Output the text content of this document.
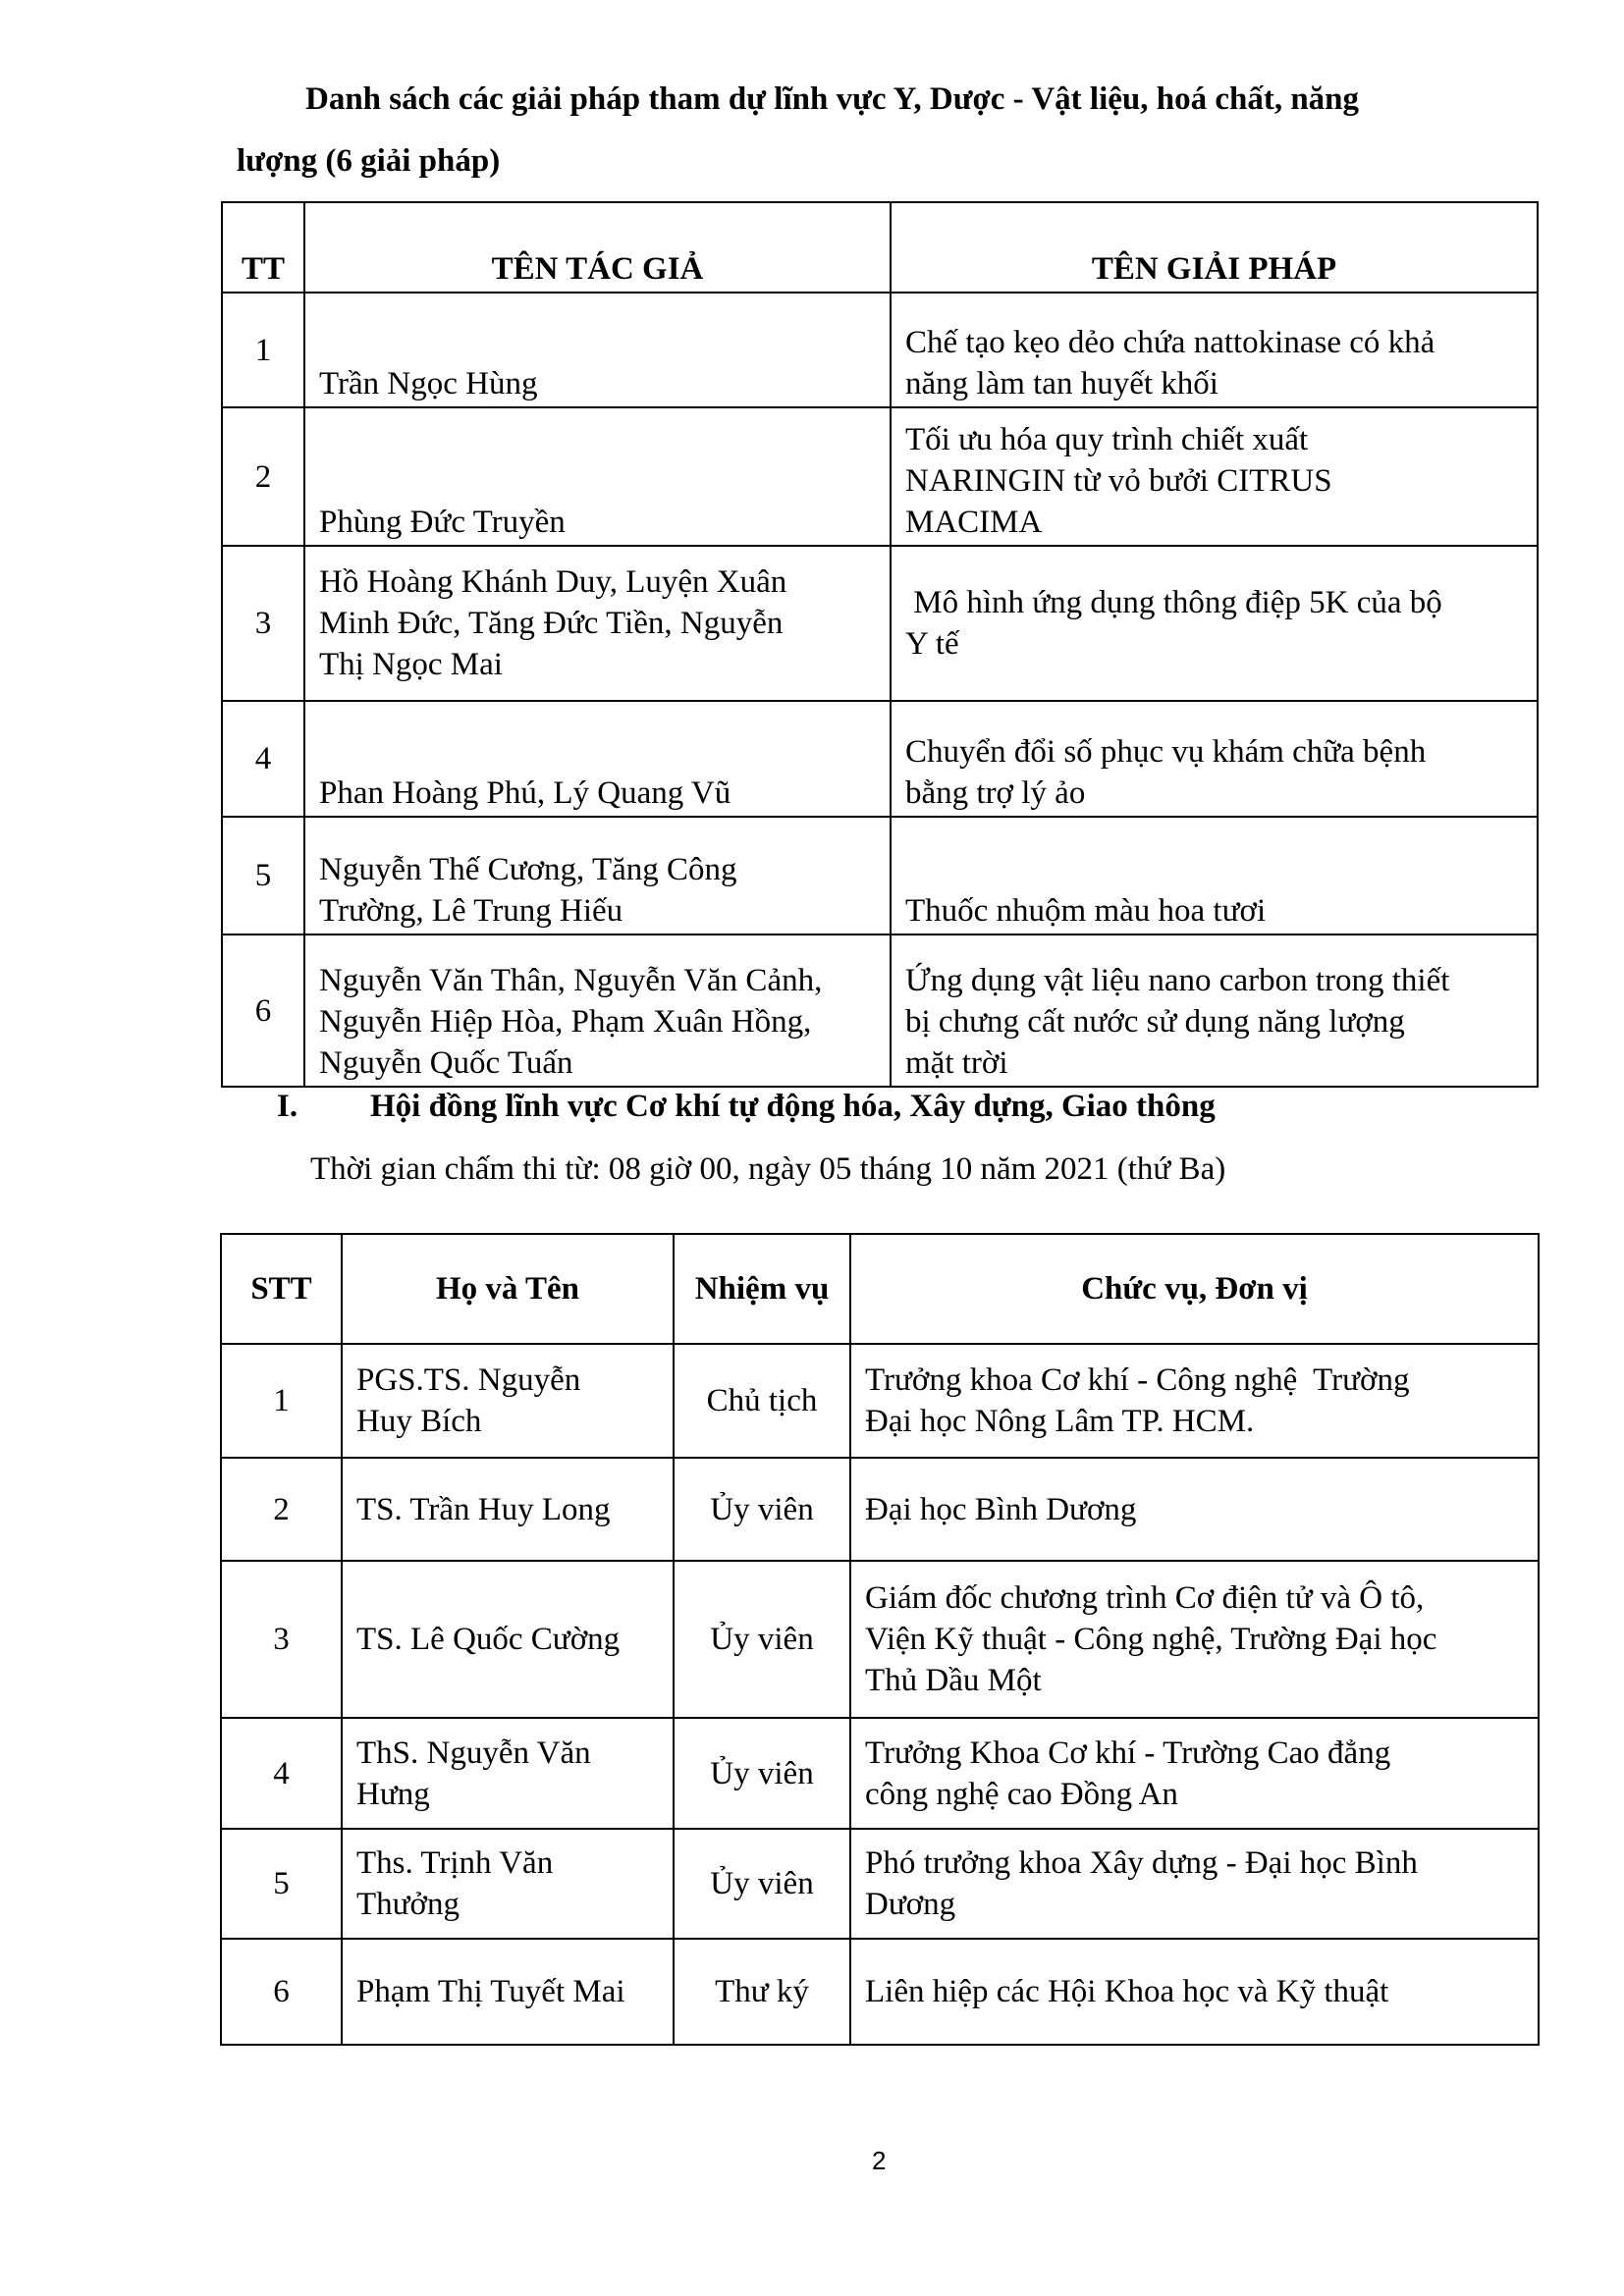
Danh sách các giải pháp tham dự lĩnh vực Y, Dược - Vật liệu, hoá chất, năng
lượng (6 giải pháp)
TT	TÊN TÁC GIẢ	TÊN GIẢI PHÁP
1	Trần Ngọc Hùng	Chế tạo kẹo dẻo chứa nattokinase có khả
năng làm tan huyết khối

2	Phùng Đức Truyền	Tối ưu hóa quy trình chiết xuất
NARINGIN từ vỏ bưởi CITRUS
MACIMA

3	Hồ Hoàng Khánh Duy, Luyện Xuân
Minh Đức, Tăng Đức Tiền, Nguyễn
Thị Ngọc Mai	Mô hình ứng dụng thông điệp 5K của bộ
Y tế

4	Phan Hoàng Phú, Lý Quang Vũ	Chuyển đổi số phục vụ khám chữa bệnh
bằng trợ lý ảo

5	Nguyễn Thế Cương, Tăng Công
Trường, Lê Trung Hiếu	Thuốc nhuộm màu hoa tươi

6	Nguyễn Văn Thân, Nguyễn Văn Cảnh,
Nguyễn Hiệp Hòa, Phạm Xuân Hồng,
Nguyễn Quốc Tuấn	Ứng dụng vật liệu nano carbon trong thiết
bị chưng cất nước sử dụng năng lượng
mặt trời
I. Hội đồng lĩnh vực Cơ khí tự động hóa, Xây dựng, Giao thông
Thời gian chấm thi từ: 08 giờ 00, ngày 05 tháng 10 năm 2021 (thứ Ba)
STT	Họ và Tên	Nhiệm vụ	Chức vụ, Đơn vị
1	PGS.TS. Nguyễn
Huy Bích	Chủ tịch	Trưởng khoa Cơ khí - Công nghệ  Trường
Đại học Nông Lâm TP. HCM.

2	TS. Trần Huy Long	Ủy viên	Đại học Bình Dương

3	TS. Lê Quốc Cường	Ủy viên	Giám đốc chương trình Cơ điện tử và Ô tô,
Viện Kỹ thuật - Công nghệ, Trường Đại học
Thủ Dầu Một

4	ThS. Nguyễn Văn
Hưng	Ủy viên	Trưởng Khoa Cơ khí - Trường Cao đẳng
công nghệ cao Đồng An

5	Ths. Trịnh Văn
Thưởng	Ủy viên	Phó trưởng khoa Xây dựng - Đại học Bình
Dương

6	Phạm Thị Tuyết Mai	Thư ký	Liên hiệp các Hội Khoa học và Kỹ thuật
2
